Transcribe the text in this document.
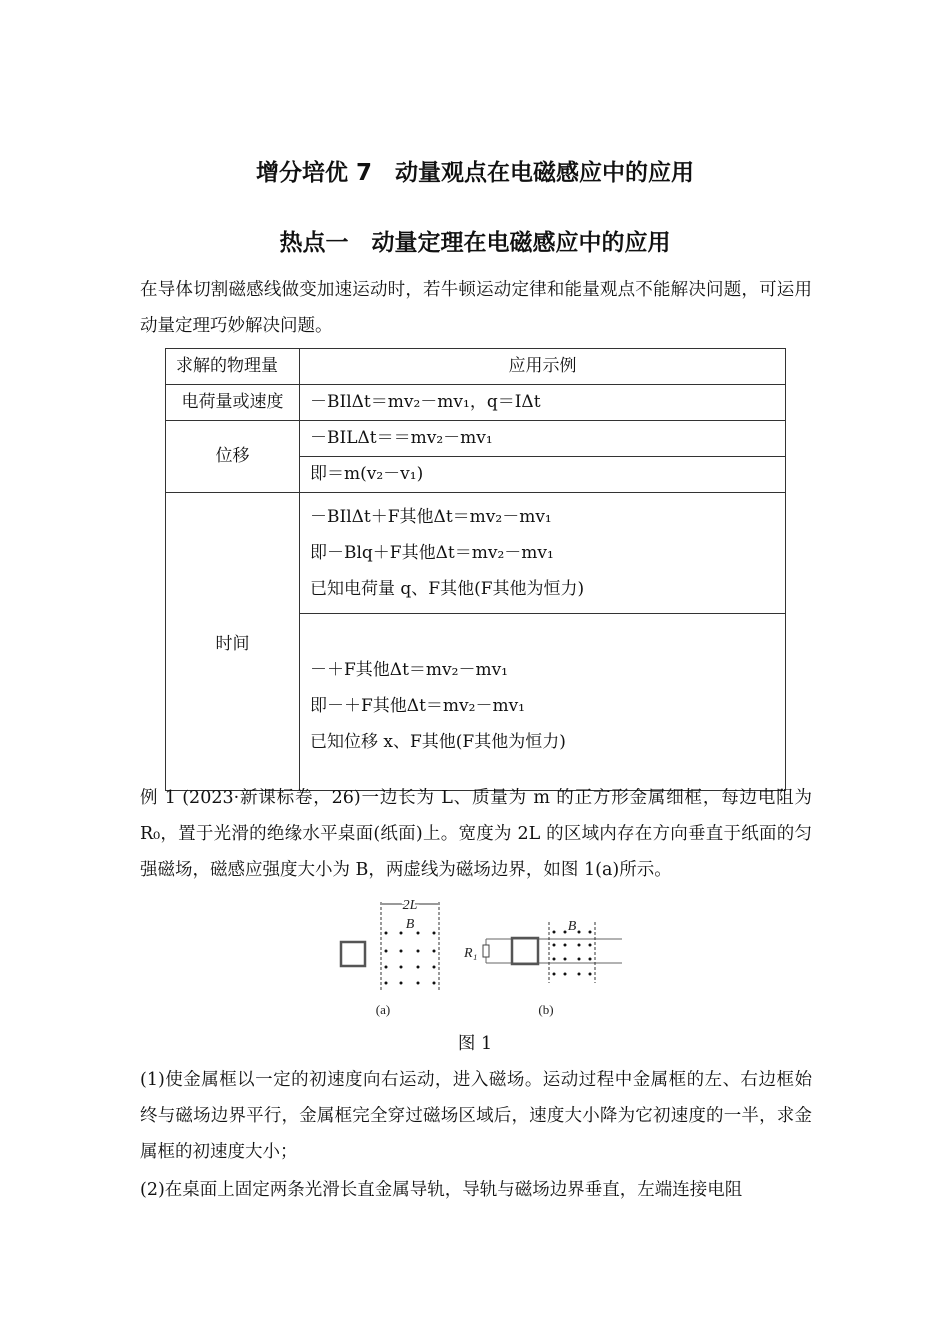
增分培优 7　动量观点在电磁感应中的应用
热点一　动量定理在电磁感应中的应用
在导体切割磁感线做变加速运动时，若牛顿运动定律和能量观点不能解决问题，可运用动量定理巧妙解决问题。
求解的物理量	应用示例
电荷量或速度	－BIlΔt＝mv₂－mv₁，q＝IΔt
位移	－BILΔt＝＝mv₂－mv₁
	即＝m(v₂－v₁)
时间	－BIlΔt＋F其他Δt＝mv₂－mv₁
即－Blq＋F其他Δt＝mv₂－mv₁
已知电荷量 q、F其他(F其他为恒力)

	－＋F其他Δt＝mv₂－mv₁
即－＋F其他Δt＝mv₂－mv₁
已知位移 x、F其他(F其他为恒力)
例 1 (2023·新课标卷，26)一边长为 L、质量为 m 的正方形金属细框，每边电阻为 R₀，置于光滑的绝缘水平桌面(纸面)上。宽度为 2L 的区域内存在方向垂直于纸面的匀强磁场，磁感应强度大小为 B，两虚线为磁场边界，如图 1(a)所示。
2L
B
(a)
R₁
B
(b)
图 1
(1)使金属框以一定的初速度向右运动，进入磁场。运动过程中金属框的左、右边框始终与磁场边界平行，金属框完全穿过磁场区域后，速度大小降为它初速度的一半，求金属框的初速度大小；
(2)在桌面上固定两条光滑长直金属导轨，导轨与磁场边界垂直，左端连接电阻
